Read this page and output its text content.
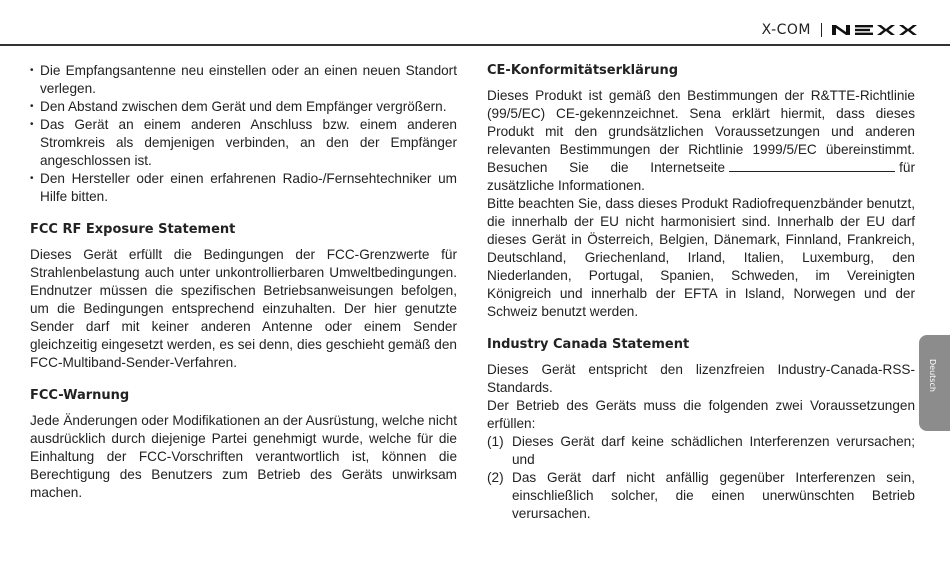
X-COM
• Die Empfangsantenne neu einstellen oder an einen neuen Standort verlegen.
• Den Abstand zwischen dem Gerät und dem Empfänger vergrößern.
• Das Gerät an einem anderen Anschluss bzw. einem anderen Stromkreis als demjenigen verbinden, an den der Empfänger angeschlossen ist.
• Den Hersteller oder einen erfahrenen Radio-/Fernsehtechniker um Hilfe bitten.
FCC RF Exposure Statement

Dieses Gerät erfüllt die Bedingungen der FCC-Grenzwerte für Strahlenbelastung auch unter unkontrollierbaren Umweltbedingungen. Endnutzer müssen die spezifischen Betriebsanweisungen befolgen, um die Bedingungen entsprechend einzuhalten. Der hier genutzte Sender darf mit keiner anderen Antenne oder einem Sender gleichzeitig eingesetzt werden, es sei denn, dies geschieht gemäß den FCC-Multiband-Sender-Verfahren.

FCC-Warnung

Jede Änderungen oder Modifikationen an der Ausrüstung, welche nicht ausdrücklich durch diejenige Partei genehmigt wurde, welche für die Einhaltung der FCC-Vorschriften verantwortlich ist, können die Berechtigung des Benutzers zum Betrieb des Geräts unwirksam machen.

CE-Konformitätserklärung

Dieses Produkt ist gemäß den Bestimmungen der R&TTE-Richtlinie (99/5/EC) CE-gekennzeichnet. Sena erklärt hiermit, dass dieses Produkt mit den grundsätzlichen Voraussetzungen und anderen relevanten Bestimmungen der Richtlinie 1999/5/EC übereinstimmt. Besuchen Sie die Internetseite	für zusätzliche Informationen.

Bitte beachten Sie, dass dieses Produkt Radiofrequenzbänder benutzt, die innerhalb der EU nicht harmonisiert sind. Innerhalb der EU darf dieses Gerät in Österreich, Belgien, Dänemark, Finnland, Frankreich, Deutschland, Griechenland, Irland, Italien, Luxemburg, den Niederlanden, Portugal, Spanien, Schweden, im Vereinigten Königreich und innerhalb der EFTA in Island, Norwegen und der Schweiz benutzt werden.

Industry Canada Statement

Dieses Gerät entspricht den lizenzfreien Industry-Canada-RSS-Standards.

Der Betrieb des Geräts muss die folgenden zwei Voraussetzungen erfüllen:

(1) Dieses Gerät darf keine schädlichen Interferenzen verursachen; und
(2) Das Gerät darf nicht anfällig gegenüber Interferenzen sein, einschließlich solcher, die einen unerwünschten Betrieb verursachen.
Deutsch
